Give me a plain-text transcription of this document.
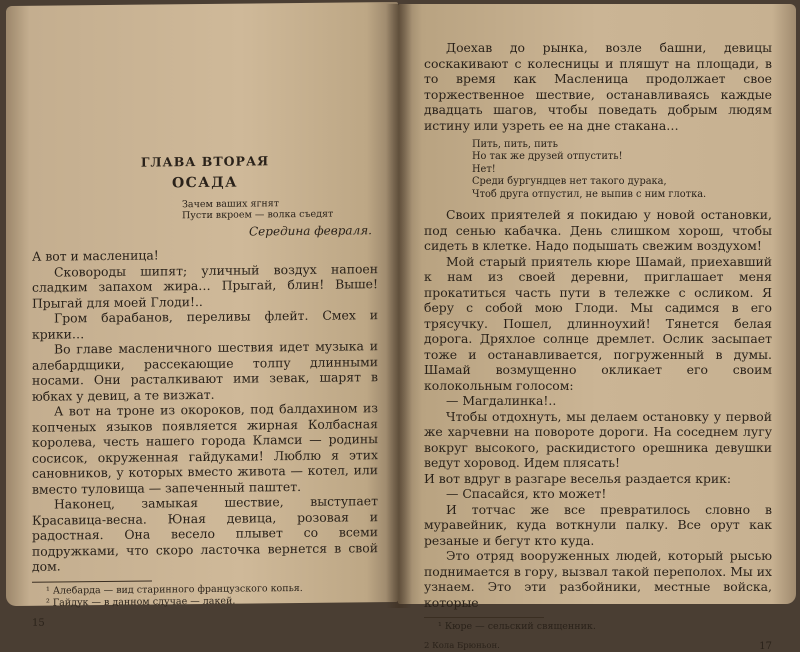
ГЛАВА ВТОРАЯ
ОСАДА
Зачем ваших ягнят
Пусти вкроем — волка съедят
Середина февраля.

А вот и масленица!

Сковороды шипят; уличный воздух напоен сладким запахом жира… Прыгай, блин! Выше! Прыгай для моей Глоди!..

Гром барабанов, переливы флейт. Смех и крики…

Во главе масленичного шествия идет музыка и алебардщики, рассекающие толпу длинными носами. Они расталкивают ими зевак, шарят в юбках у девиц, а те визжат.

А вот на троне из окороков, под балдахином из копченых языков появляется жирная Колбасная королева, честь нашего города Кламси — родины сосисок, окруженная гайдуками! Люблю я этих сановников, у которых вместо живота — котел, или вместо туловища — запеченный паштет.

Наконец, замыкая шествие, выступает Красавица-весна. Юная девица, розовая и радостная. Она весело плывет со всеми подружками, что скоро ласточка вернется в свой дом.

¹ Алебарда — вид старинного французского копья.
² Гайдук — в данном случае — лакей.
15

Доехав до рынка, возле башни, девицы соскакивают с колесницы и пляшут на площади, в то время как Масленица продолжает свое торжественное шествие, останавливаясь каждые двадцать шагов, чтобы поведать добрым людям истину или узреть ее на дне стакана…

Пить, пить, пить
Но так же друзей отпустить!
Нет!
Среди бургундцев нет такого дурака,
Чтоб друга отпустил, не выпив с ним глотка.

Своих приятелей я покидаю у новой остановки, под сенью кабачка. День слишком хорош, чтобы сидеть в клетке. Надо подышать свежим воздухом!

Мой старый приятель кюре Шамай, приехавший к нам из своей деревни, приглашает меня прокатиться часть пути в тележке с осликом. Я беру с собой мою Глоди. Мы садимся в его трясучку. Пошел, длинноухий! Тянется белая дорога. Дряхлое солнце дремлет. Ослик засыпает тоже и останавливается, погруженный в думы. Шамай возмущенно окликает его своим колокольным голосом:

— Магдалинка!..

Чтобы отдохнуть, мы делаем остановку у первой же харчевни на повороте дороги. На соседнем лугу вокруг высокого, раскидистого орешника девушки ведут хоровод. Идем плясать!

И вот вдруг в разгаре веселья раздается крик:

— Спасайся, кто может!

И тотчас же все превратилось словно в муравейник, куда воткнули палку. Все орут как резаные и бегут кто куда.

Это отряд вооруженных людей, который рысью поднимается в гору, вызвал такой переполох. Мы их узнаем. Это эти разбойники, местные войска, которые

¹ Кюре — сельский священник.
2 Кола Брюньон.	17
